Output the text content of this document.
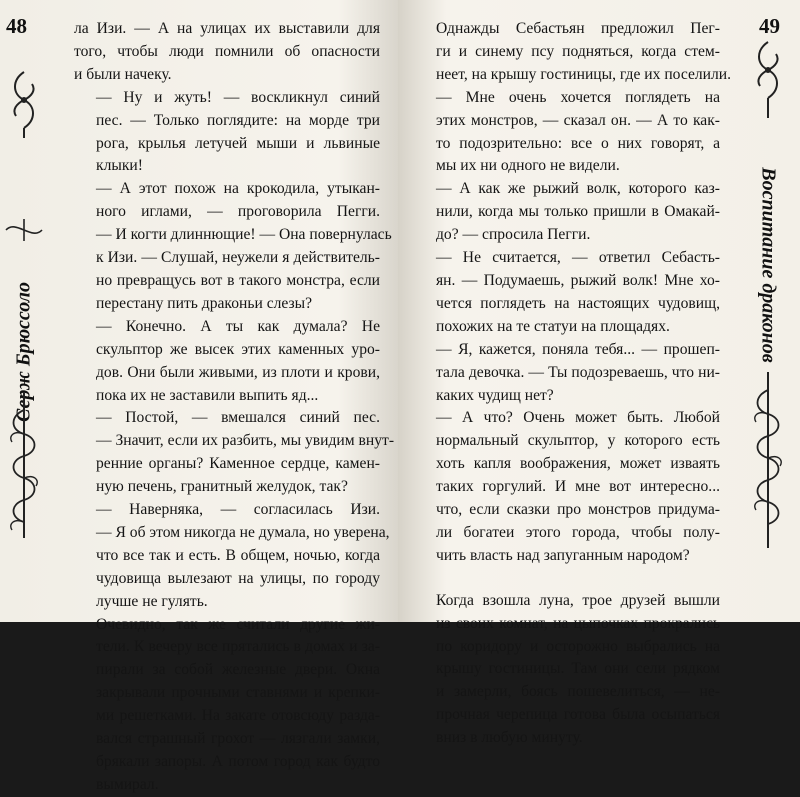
48
Серж Брюссоло

ла Изи. — А на улицах их выставили для
того, чтобы люди помнили об опасности
и были начеку.

— Ну и жуть! — воскликнул синий
пес. — Только поглядите: на морде три
рога, крылья летучей мыши и львиные
клыки!

— А этот похож на крокодила, утыкан-
ного иглами, — проговорила Пегги.
— И когти длиннющие! — Она повернулась
к Изи. — Слушай, неужели я действитель-
но превращусь вот в такого монстра, если
перестану пить драконьи слезы?

— Конечно. А ты как думала? Не
скульптор же высек этих каменных уро-
дов. Они были живыми, из плоти и крови,
пока их не заставили выпить яд...

— Постой, — вмешался синий пес.
— Значит, если их разбить, мы увидим внут-
ренние органы? Каменное сердце, камен-
ную печень, гранитный желудок, так?

— Наверняка, — согласилась Изи.
— Я об этом никогда не думала, но уверена,
что все так и есть. В общем, ночью, когда
чудовища вылезают на улицы, по городу
лучше не гулять.

Очевидно, так же считали другие жи-
тели. К вечеру все прятались в домах и за-
пирали за собой железные двери. Окна
закрывали прочными ставнями и крепки-
ми решетками. На закате отовсюду разда-
вался страшный грохот — лязгали замки,
брякали запоры. А потом город как будто
вымирал.

49
Воспитание драконов

Однажды Себастьян предложил Пег-
ги и синему псу подняться, когда стем-
неет, на крышу гостиницы, где их поселили.

— Мне очень хочется поглядеть на
этих монстров, — сказал он. — А то как-
то подозрительно: все о них говорят, а
мы их ни одного не видели.

— А как же рыжий волк, которого каз-
нили, когда мы только пришли в Омакай-
до? — спросила Пегги.

— Не считается, — ответил Себасть-
ян. — Подумаешь, рыжий волк! Мне хо-
чется поглядеть на настоящих чудовищ,
похожих на те статуи на площадях.

— Я, кажется, поняла тебя... — прошеп-
тала девочка. — Ты подозреваешь, что ни-
каких чудищ нет?

— А что? Очень может быть. Любой
нормальный скульптор, у которого есть
хоть капля воображения, может изваять
таких горгулий. И мне вот интересно...
что, если сказки про монстров придума-
ли богатеи этого города, чтобы полу-
чить власть над запуганным народом?

Когда взошла луна, трое друзей вышли
из своих комнат, на цыпочках прокрались
по коридору и осторожно выбрались на
крышу гостиницы. Там они сели рядком
и замерли, боясь пошевелиться, — не-
прочная черепица готова была осыпаться
вниз в любую минуту.
